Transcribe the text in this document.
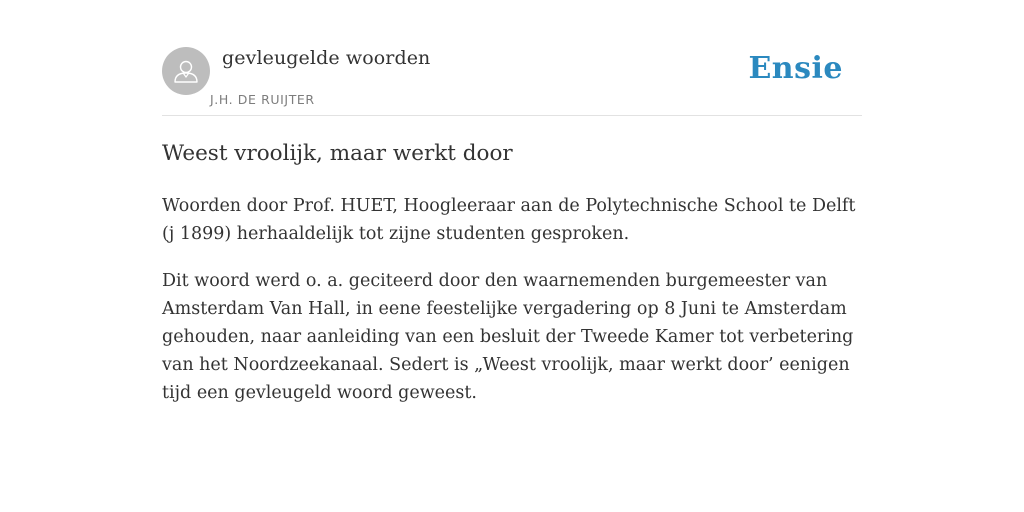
gevleugelde woorden
J.H. DE RUIJTER
Ensie
Weest vroolijk, maar werkt door

Woorden door Prof. HUET, Hoogleeraar aan de Polytechnische School te Delft (j 1899) herhaaldelijk tot zijne studenten gesproken.

Dit woord werd o. a. geciteerd door den waarnemenden burgemeester van Amsterdam Van Hall, in eene feestelijke vergadering op 8 Juni te Amsterdam gehouden, naar aanleiding van een besluit der Tweede Kamer tot verbetering van het Noordzeekanaal. Sedert is „Weest vroolijk, maar werkt door’ eenigen tijd een gevleugeld woord geweest.
